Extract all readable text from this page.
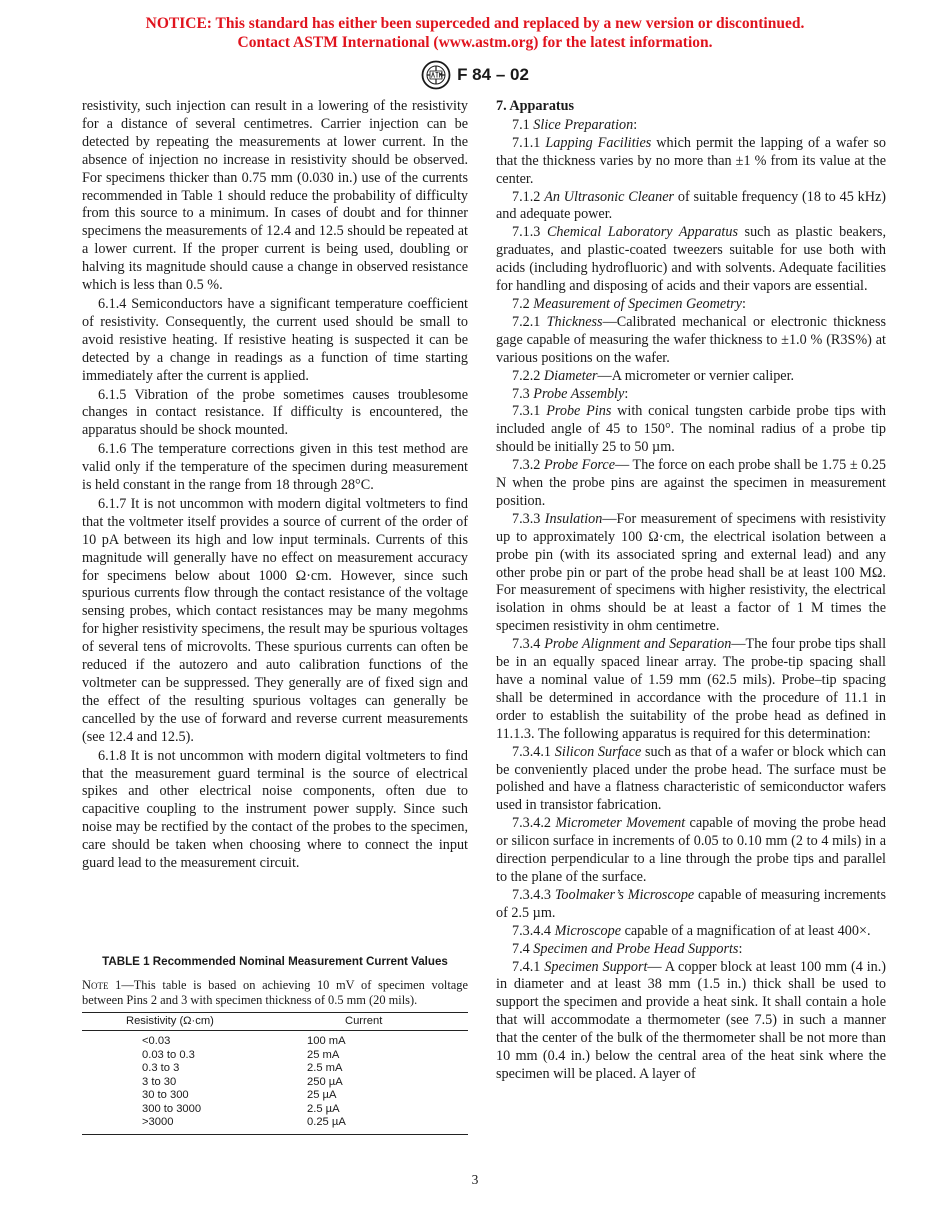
NOTICE: This standard has either been superceded and replaced by a new version or discontinued.
Contact ASTM International (www.astm.org) for the latest information.
F 84 – 02

resistivity, such injection can result in a lowering of the resistivity for a distance of several centimetres. Carrier injection can be detected by repeating the measurements at lower current. In the absence of injection no increase in resistivity should be observed. For specimens thicker than 0.75 mm (0.030 in.) use of the currents recommended in Table 1 should reduce the probability of difficulty from this source to a minimum. In cases of doubt and for thinner specimens the measurements of 12.4 and 12.5 should be repeated at a lower current. If the proper current is being used, doubling or halving its magnitude should cause a change in observed resistance which is less than 0.5 %.

6.1.4 Semiconductors have a significant temperature coefficient of resistivity. Consequently, the current used should be small to avoid resistive heating. If resistive heating is suspected it can be detected by a change in readings as a function of time starting immediately after the current is applied.

6.1.5 Vibration of the probe sometimes causes troublesome changes in contact resistance. If difficulty is encountered, the apparatus should be shock mounted.

6.1.6 The temperature corrections given in this test method are valid only if the temperature of the specimen during measurement is held constant in the range from 18 through 28°C.

6.1.7 It is not uncommon with modern digital voltmeters to find that the voltmeter itself provides a source of current of the order of 10 pA between its high and low input terminals. Currents of this magnitude will generally have no effect on measurement accuracy for specimens below about 1000 Ω·cm. However, since such spurious currents flow through the contact resistance of the voltage sensing probes, which contact resistances may be many megohms for higher resistivity specimens, the result may be spurious voltages of several tens of microvolts. These spurious currents can often be reduced if the autozero and auto calibration functions of the voltmeter can be suppressed. They generally are of fixed sign and the effect of the resulting spurious voltages can generally be cancelled by the use of forward and reverse current measurements (see 12.4 and 12.5).

6.1.8 It is not uncommon with modern digital voltmeters to find that the measurement guard terminal is the source of electrical spikes and other electrical noise components, often due to capacitive coupling to the instrument power supply. Since such noise may be rectified by the contact of the probes to the specimen, care should be taken when choosing where to connect the input guard lead to the measurement circuit.

TABLE 1 Recommended Nominal Measurement Current Values

Note 1—This table is based on achieving 10 mV of specimen voltage between Pins 2 and 3 with specimen thickness of 0.5 mm (20 mils).

Resistivity (Ω·cm)	Current
<0.03	100 mA
0.03 to 0.3	25 mA
0.3 to 3	2.5 mA
3 to 30	250 µA
30 to 300	25 µA
300 to 3000	2.5 µA
>3000	0.25 µA
7. Apparatus

7.1 Slice Preparation:

7.1.1 Lapping Facilities which permit the lapping of a wafer so that the thickness varies by no more than ±1 % from its value at the center.

7.1.2 An Ultrasonic Cleaner of suitable frequency (18 to 45 kHz) and adequate power.

7.1.3 Chemical Laboratory Apparatus such as plastic beakers, graduates, and plastic-coated tweezers suitable for use both with acids (including hydrofluoric) and with solvents. Adequate facilities for handling and disposing of acids and their vapors are essential.

7.2 Measurement of Specimen Geometry:

7.2.1 Thickness—Calibrated mechanical or electronic thickness gage capable of measuring the wafer thickness to ±1.0 % (R3S%) at various positions on the wafer.

7.2.2 Diameter—A micrometer or vernier caliper.

7.3 Probe Assembly:

7.3.1 Probe Pins with conical tungsten carbide probe tips with included angle of 45 to 150°. The nominal radius of a probe tip should be initially 25 to 50 µm.

7.3.2 Probe Force— The force on each probe shall be 1.75 ± 0.25 N when the probe pins are against the specimen in measurement position.

7.3.3 Insulation—For measurement of specimens with resistivity up to approximately 100 Ω·cm, the electrical isolation between a probe pin (with its associated spring and external lead) and any other probe pin or part of the probe head shall be at least 100 MΩ. For measurement of specimens with higher resistivity, the electrical isolation in ohms should be at least a factor of 1 M times the specimen resistivity in ohm centimetre.

7.3.4 Probe Alignment and Separation—The four probe tips shall be in an equally spaced linear array. The probe-tip spacing shall have a nominal value of 1.59 mm (62.5 mils). Probe–tip spacing shall be determined in accordance with the procedure of 11.1 in order to establish the suitability of the probe head as defined in 11.1.3. The following apparatus is required for this determination:

7.3.4.1 Silicon Surface such as that of a wafer or block which can be conveniently placed under the probe head. The surface must be polished and have a flatness characteristic of semiconductor wafers used in transistor fabrication.

7.3.4.2 Micrometer Movement capable of moving the probe head or silicon surface in increments of 0.05 to 0.10 mm (2 to 4 mils) in a direction perpendicular to a line through the probe tips and parallel to the plane of the surface.

7.3.4.3 Toolmaker’s Microscope capable of measuring increments of 2.5 µm.

7.3.4.4 Microscope capable of a magnification of at least 400×.

7.4 Specimen and Probe Head Supports:

7.4.1 Specimen Support— A copper block at least 100 mm (4 in.) in diameter and at least 38 mm (1.5 in.) thick shall be used to support the specimen and provide a heat sink. It shall contain a hole that will accommodate a thermometer (see 7.5) in such a manner that the center of the bulk of the thermometer shall be not more than 10 mm (0.4 in.) below the central area of the heat sink where the specimen will be placed. A layer of

3
